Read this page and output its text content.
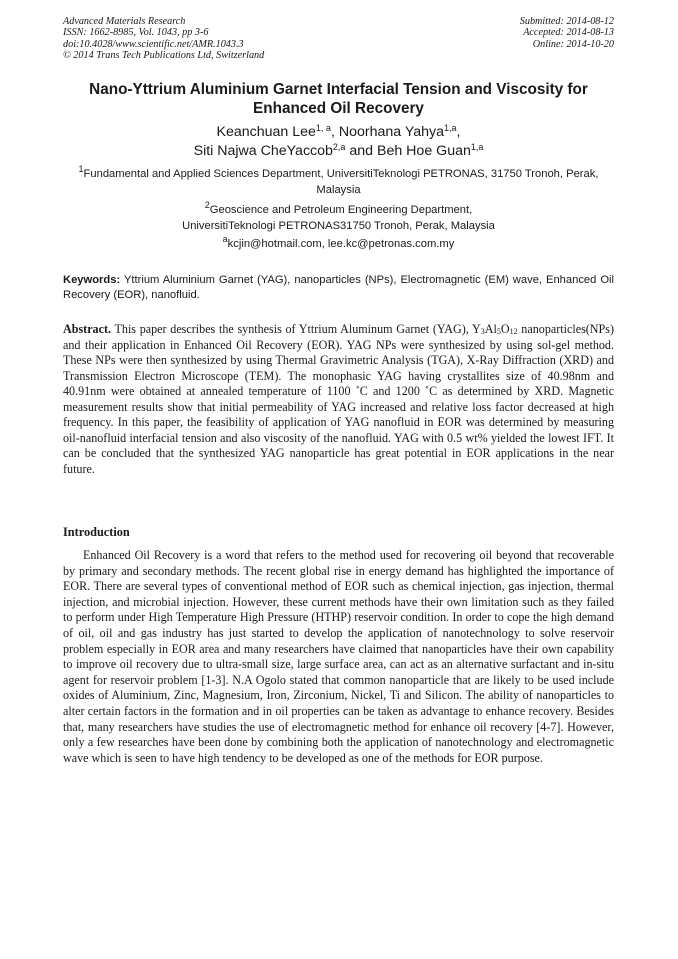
Advanced Materials Research
ISSN: 1662-8985, Vol. 1043, pp 3-6
doi:10.4028/www.scientific.net/AMR.1043.3
© 2014 Trans Tech Publications Ltd, Switzerland
Submitted: 2014-08-12
Accepted: 2014-08-13
Online: 2014-10-20
Nano-Yttrium Aluminium Garnet Interfacial Tension and Viscosity for
Enhanced Oil Recovery
Keanchuan Lee$^{1, a}$, Noorhana Yahya$^{1,a}$,
Siti Najwa CheYaccob$^{2,a}$ and Beh Hoe Guan$^{1,a}$
$^1$Fundamental and Applied Sciences Department, UniversitiTeknologi PETRONAS, 31750 Tronoh, Perak, Malaysia
$^2$Geoscience and Petroleum Engineering Department,
UniversitiTeknologi PETRONAS31750 Tronoh, Perak, Malaysia
$^a$kcjin@hotmail.com, lee.kc@petronas.com.my
Keywords: Yttrium Aluminium Garnet (YAG), nanoparticles (NPs), Electromagnetic (EM) wave, Enhanced Oil Recovery (EOR), nanofluid.
Abstract. This paper describes the synthesis of Yttrium Aluminum Garnet (YAG), $Y_3Al_5O_{12}$ nanoparticles(NPs) and their application in Enhanced Oil Recovery (EOR). YAG NPs were synthesized by using sol-gel method. These NPs were then synthesized by using Thermal Gravimetric Analysis (TGA), X-Ray Diffraction (XRD) and Transmission Electron Microscope (TEM). The monophasic YAG having crystallites size of 40.98nm and 40.91nm were obtained at annealed temperature of 1100 ˚C and 1200 ˚C as determined by XRD. Magnetic measurement results show that initial permeability of YAG increased and relative loss factor decreased at high frequency. In this paper, the feasibility of application of YAG nanofluid in EOR was determined by measuring oil-nanofluid interfacial tension and also viscosity of the nanofluid. YAG with 0.5 wt% yielded the lowest IFT. It can be concluded that the synthesized YAG nanoparticle has great potential in EOR applications in the near future.
Introduction
Enhanced Oil Recovery is a word that refers to the method used for recovering oil beyond that recoverable by primary and secondary methods. The recent global rise in energy demand has highlighted the importance of EOR. There are several types of conventional method of EOR such as chemical injection, gas injection, thermal injection, and microbial injection. However, these current methods have their own limitation such as they failed to perform under High Temperature High Pressure (HTHP) reservoir condition. In order to cope the high demand of oil, oil and gas industry has just started to develop the application of nanotechnology to solve reservoir problem especially in EOR area and many researchers have claimed that nanoparticles have their own capability to improve oil recovery due to ultra-small size, large surface area, can act as an alternative surfactant and in-situ agent for reservoir problem [1-3]. N.A Ogolo stated that common nanoparticle that are likely to be used include oxides of Aluminium, Zinc, Magnesium, Iron, Zirconium, Nickel, Ti and Silicon. The ability of nanoparticles to alter certain factors in the formation and in oil properties can be taken as advantage to enhance recovery. Besides that, many researchers have studies the use of electromagnetic method for enhance oil recovery [4-7]. However, only a few researches have been done by combining both the application of nanotechnology and electromagnetic wave which is seen to have high tendency to be developed as one of the methods for EOR purpose.
